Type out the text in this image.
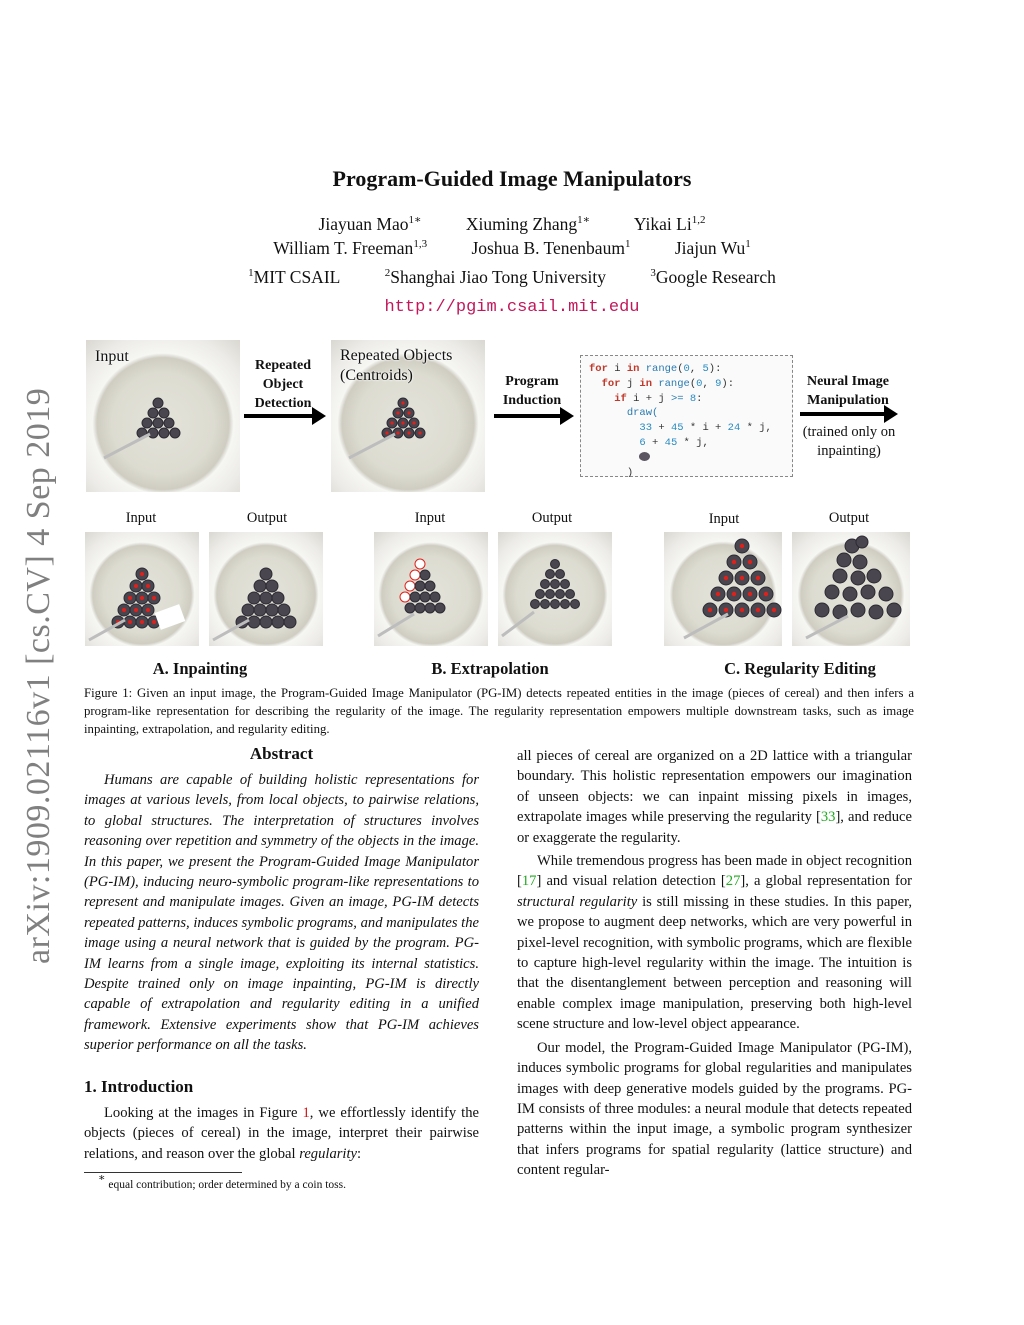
arXiv:1909.02116v1 [cs.CV] 4 Sep 2019
Program-Guided Image Manipulators
Jiayuan Mao$^{1∗}$	Xiuming Zhang$^{1∗}$ Yikai Li$^{1,2}$
William T. Freeman$^{1,3}$	Joshua B. Tenenbaum$^1$	Jiajun Wu$^1$
$^1$MIT CSAIL	$^2$Shanghai Jiao Tong University	$^3$Google Research
http://pgim.csail.mit.edu
Input
Repeated
Object
Detection
Repeated Objects
(Centroids)	Program
Induction
for i in range(0, 5):
for j in range(0, 9):
if i + j >= 8:
draw(
33 + 45 * i + 24 * j,
6 + 45 * j,

)
Neural Image
Manipulation
(trained only on
inpainting)
Input	Output	Input	Output	Input	Output
A. Inpainting	B. Extrapolation	C. Regularity Editing
Figure 1: Given an input image, the Program-Guided Image Manipulator (PG-IM) detects repeated entities in the image (pieces of cereal) and then infers a program-like representation for describing the regularity of the image. The regularity representation empowers multiple downstream tasks, such as image inpainting, extrapolation, and regularity editing.
Abstract

Humans are capable of building holistic representations for images at various levels, from local objects, to pairwise relations, to global structures. The interpretation of structures involves reasoning over repetition and symmetry of the objects in the image. In this paper, we present the Program-Guided Image Manipulator (PG-IM), inducing neuro-symbolic program-like representations to represent and manipulate images. Given an image, PG-IM detects repeated patterns, induces symbolic programs, and manipulates the image using a neural network that is guided by the program. PG-IM learns from a single image, exploiting its internal statistics. Despite trained only on image inpainting, PG-IM is directly capable of extrapolation and regularity editing in a unified framework. Extensive experiments show that PG-IM achieves superior performance on all the tasks.

1. Introduction

Looking at the images in Figure 1, we effortlessly identify the objects (pieces of cereal) in the image, interpret their pairwise relations, and reason over the global regularity:

∗ equal contribution; order determined by a coin toss.

all pieces of cereal are organized on a 2D lattice with a triangular boundary. This holistic representation empowers our imagination of unseen objects: we can inpaint missing pixels in images, extrapolate images while preserving the regularity [33], and reduce or exaggerate the regularity.

While tremendous progress has been made in object recognition [17] and visual relation detection [27], a global representation for structural regularity is still missing in these studies. In this paper, we propose to augment deep networks, which are very powerful in pixel-level recognition, with symbolic programs, which are flexible to capture high-level regularity within the image. The intuition is that the disentanglement between perception and reasoning will enable complex image manipulation, preserving both high-level scene structure and low-level object appearance.

Our model, the Program-Guided Image Manipulator (PG-IM), induces symbolic programs for global regularities and manipulates images with deep generative models guided by the programs. PG-IM consists of three modules: a neural module that detects repeated patterns within the input image, a symbolic program synthesizer that infers programs for spatial regularity (lattice structure) and content regular-
